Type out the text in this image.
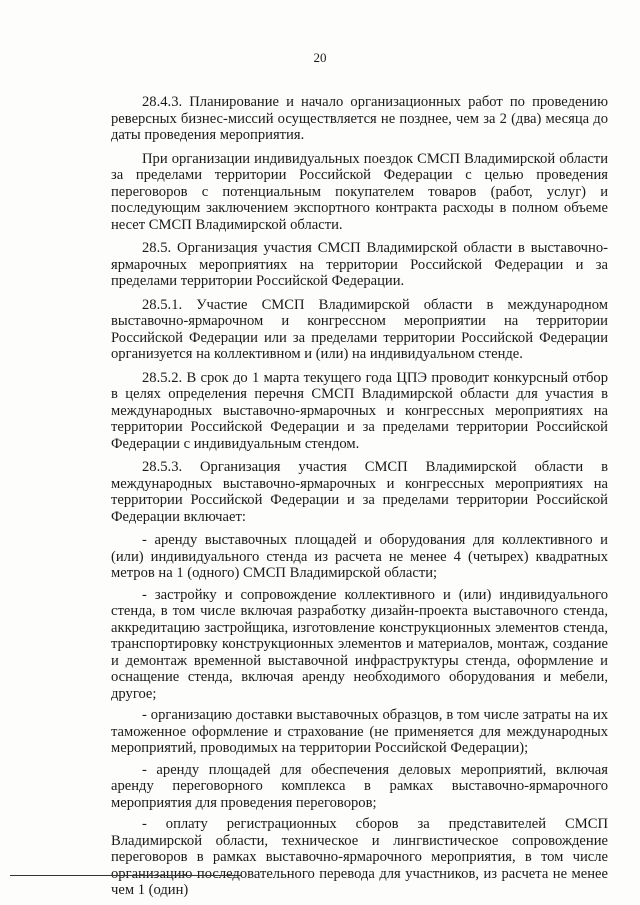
20

28.4.3. Планирование и начало организационных работ по проведению реверсных бизнес-миссий осуществляется не позднее, чем за 2 (два) месяца до даты проведения мероприятия.

При организации индивидуальных поездок СМСП Владимирской области за пределами территории Российской Федерации с целью проведения переговоров с потенциальным покупателем товаров (работ, услуг) и последующим заключением экспортного контракта расходы в полном объеме несет СМСП Владимирской области.

28.5. Организация участия СМСП Владимирской области в выставочно-ярмарочных мероприятиях на территории Российской Федерации и за пределами территории Российской Федерации.

28.5.1. Участие СМСП Владимирской области в международном выставочно-ярмарочном и конгрессном мероприятии на территории Российской Федерации или за пределами территории Российской Федерации организуется на коллективном и (или) на индивидуальном стенде.

28.5.2. В срок до 1 марта текущего года ЦПЭ проводит конкурсный отбор в целях определения перечня СМСП Владимирской области для участия в международных выставочно-ярмарочных и конгрессных мероприятиях на территории Российской Федерации и за пределами территории Российской Федерации с индивидуальным стендом.

28.5.3. Организация участия СМСП Владимирской области в международных выставочно-ярмарочных и конгрессных мероприятиях на территории Российской Федерации и за пределами территории Российской Федерации включает:

- аренду выставочных площадей и оборудования для коллективного и (или) индивидуального стенда из расчета не менее 4 (четырех) квадратных метров на 1 (одного) СМСП Владимирской области;

- застройку и сопровождение коллективного и (или) индивидуального стенда, в том числе включая разработку дизайн-проекта выставочного стенда, аккредитацию застройщика, изготовление конструкционных элементов стенда, транспортировку конструкционных элементов и материалов, монтаж, создание и демонтаж временной выставочной инфраструктуры стенда, оформление и оснащение стенда, включая аренду необходимого оборудования и мебели, другое;

- организацию доставки выставочных образцов, в том числе затраты на их таможенное оформление и страхование (не применяется для международных мероприятий, проводимых на территории Российской Федерации);

- аренду площадей для обеспечения деловых мероприятий, включая аренду переговорного комплекса в рамках выставочно-ярмарочного мероприятия для проведения переговоров;

- оплату регистрационных сборов за представителей СМСП Владимирской области, техническое и лингвистическое сопровождение переговоров в рамках выставочно-ярмарочного мероприятия, в том числе организацию последовательного перевода для участников, из расчета не менее чем 1 (один)
